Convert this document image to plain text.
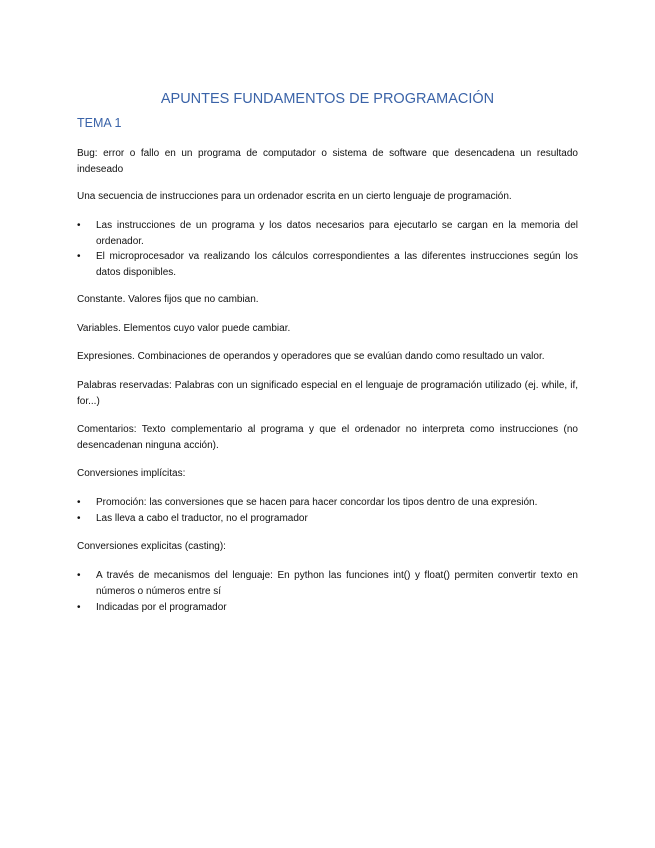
APUNTES FUNDAMENTOS DE PROGRAMACIÓN
TEMA 1
Bug: error o fallo en un programa de computador o sistema de software que desencadena un resultado indeseado
Una secuencia de instrucciones para un ordenador escrita en un cierto lenguaje de programación.
• Las instrucciones de un programa y los datos necesarios para ejecutarlo se cargan en la memoria del ordenador.
• El microprocesador va realizando los cálculos correspondientes a las diferentes instrucciones según los datos disponibles.
Constante. Valores fijos que no cambian.
Variables. Elementos cuyo valor puede cambiar.
Expresiones. Combinaciones de operandos y operadores que se evalúan dando como resultado un valor.
Palabras reservadas: Palabras con un significado especial en el lenguaje de programación utilizado (ej. while, if, for...)
Comentarios: Texto complementario al programa y que el ordenador no interpreta como instrucciones (no desencadenan ninguna acción).
Conversiones implícitas:
• Promoción: las conversiones que se hacen para hacer concordar los tipos dentro de una expresión.
• Las lleva a cabo el traductor, no el programador
Conversiones explicitas (casting):
• A través de mecanismos del lenguaje: En python las funciones int() y float() permiten convertir texto en números o números entre sí
• Indicadas por el programador
